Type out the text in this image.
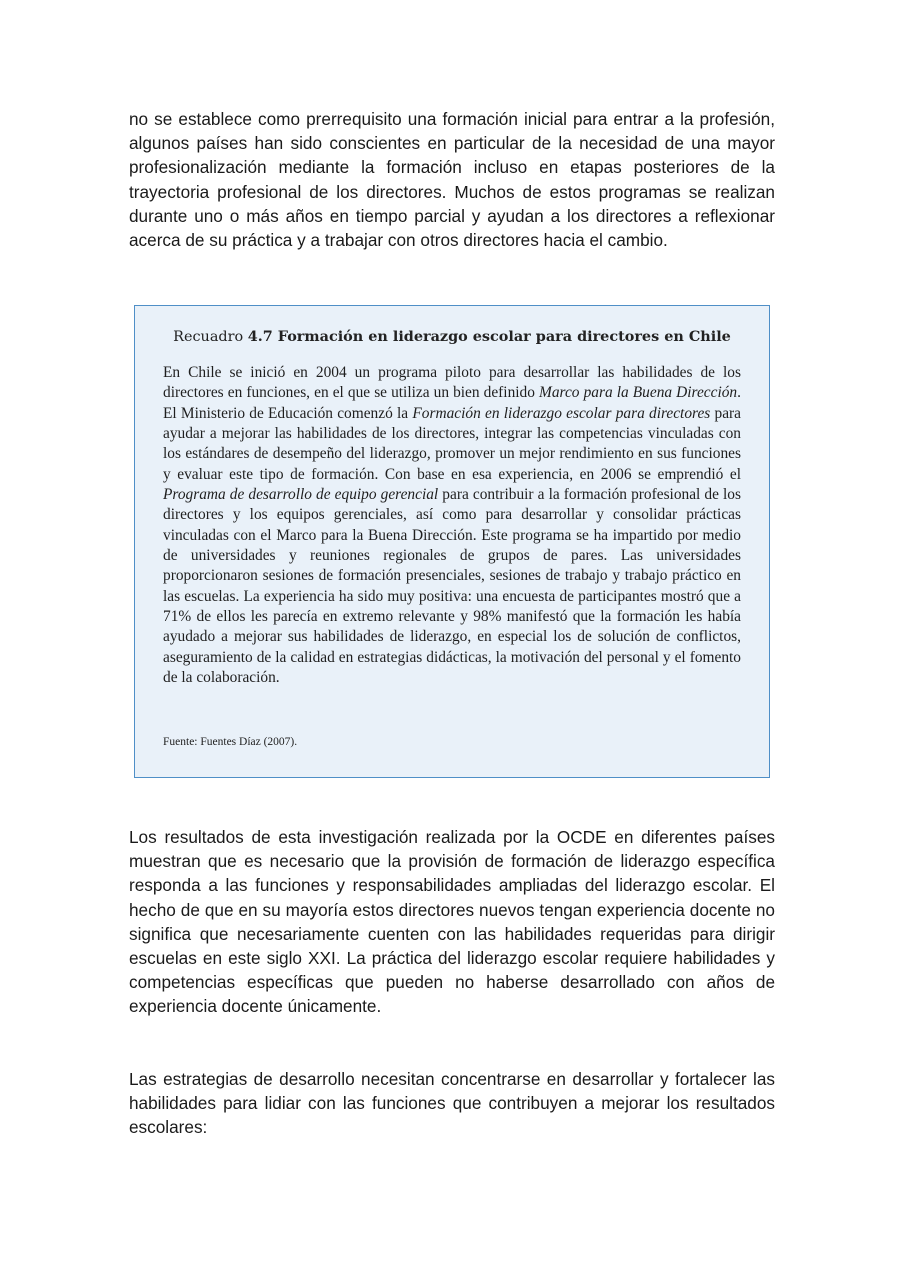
no se establece como prerrequisito una formación inicial para entrar a la profesión, algunos países han sido conscientes en particular de la necesidad de una mayor profesionalización mediante la formación incluso en etapas posteriores de la trayectoria profesional de los directores. Muchos de estos programas se realizan durante uno o más años en tiempo parcial y ayudan a los directores a reflexionar acerca de su práctica y a trabajar con otros directores hacia el cambio.

Recuadro 4.7 Formación en liderazgo escolar para directores en Chile

En Chile se inició en 2004 un programa piloto para desarrollar las habilidades de los directores en funciones, en el que se utiliza un bien definido Marco para la Buena Dirección. El Ministerio de Educación comenzó la Formación en liderazgo escolar para directores para ayudar a mejorar las habilidades de los directores, integrar las competencias vinculadas con los estándares de desempeño del liderazgo, promover un mejor rendimiento en sus funciones y evaluar este tipo de formación. Con base en esa experiencia, en 2006 se emprendió el Programa de desarrollo de equipo gerencial para contribuir a la formación profesional de los directores y los equipos gerenciales, así como para desarrollar y consolidar prácticas vinculadas con el Marco para la Buena Dirección. Este programa se ha impartido por medio de universidades y reuniones regionales de grupos de pares. Las universidades proporcionaron sesiones de formación presenciales, sesiones de trabajo y trabajo práctico en las escuelas. La experiencia ha sido muy positiva: una encuesta de participantes mostró que a 71% de ellos les parecía en extremo relevante y 98% manifestó que la formación les había ayudado a mejorar sus habilidades de liderazgo, en especial los de solución de conflictos, aseguramiento de la calidad en estrategias didácticas, la motivación del personal y el fomento de la colaboración.

Fuente: Fuentes Díaz (2007).

Los resultados de esta investigación realizada por la OCDE en diferentes países muestran que es necesario que la provisión de formación de liderazgo específica responda a las funciones y responsabilidades ampliadas del liderazgo escolar. El hecho de que en su mayoría estos directores nuevos tengan experiencia docente no significa que necesariamente cuenten con las habilidades requeridas para dirigir escuelas en este siglo XXI. La práctica del liderazgo escolar requiere habilidades y competencias específicas que pueden no haberse desarrollado con años de experiencia docente únicamente.

Las estrategias de desarrollo necesitan concentrarse en desarrollar y fortalecer las habilidades para lidiar con las funciones que contribuyen a mejorar los resultados escolares:
